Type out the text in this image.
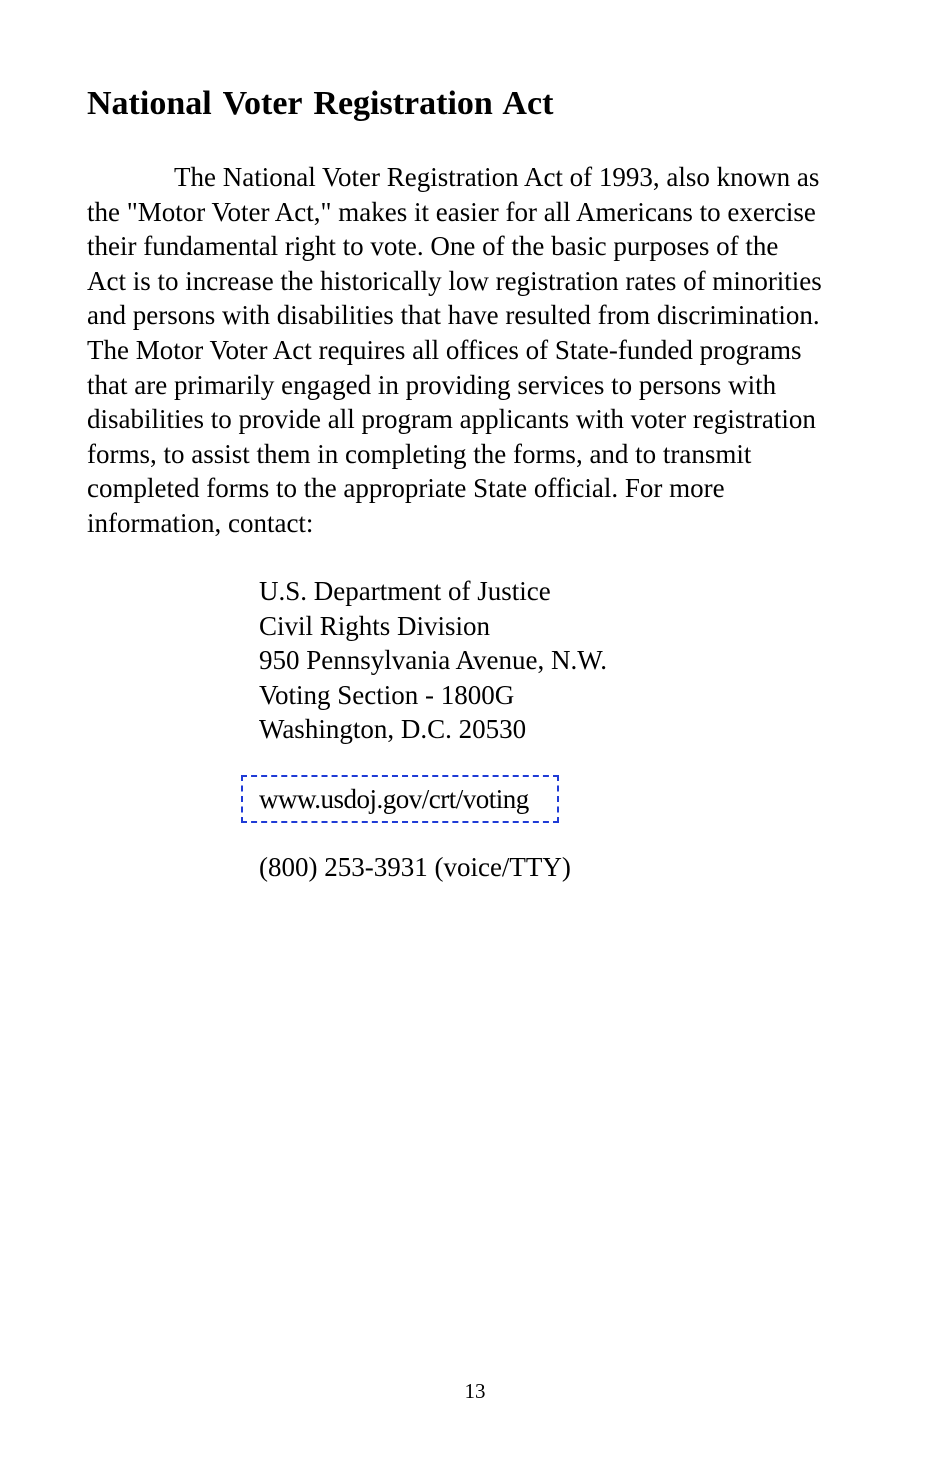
National Voter Registration Act

The National Voter Registration Act of 1993, also known as
the "Motor Voter Act," makes it easier for all Americans to exercise
their fundamental right to vote. One of the basic purposes of the
Act is to increase the historically low registration rates of minorities
and persons with disabilities that have resulted from discrimination.
The Motor Voter Act requires all offices of State-funded programs
that are primarily engaged in providing services to persons with
disabilities to provide all program applicants with voter registration
forms, to assist them in completing the forms, and to transmit
completed forms to the appropriate State official. For more
information, contact:

U.S. Department of Justice
Civil Rights Division
950 Pennsylvania Avenue, N.W.
Voting Section - 1800G
Washington, D.C. 20530
www.usdoj.gov/crt/voting

(800) 253-3931 (voice/TTY)

13
